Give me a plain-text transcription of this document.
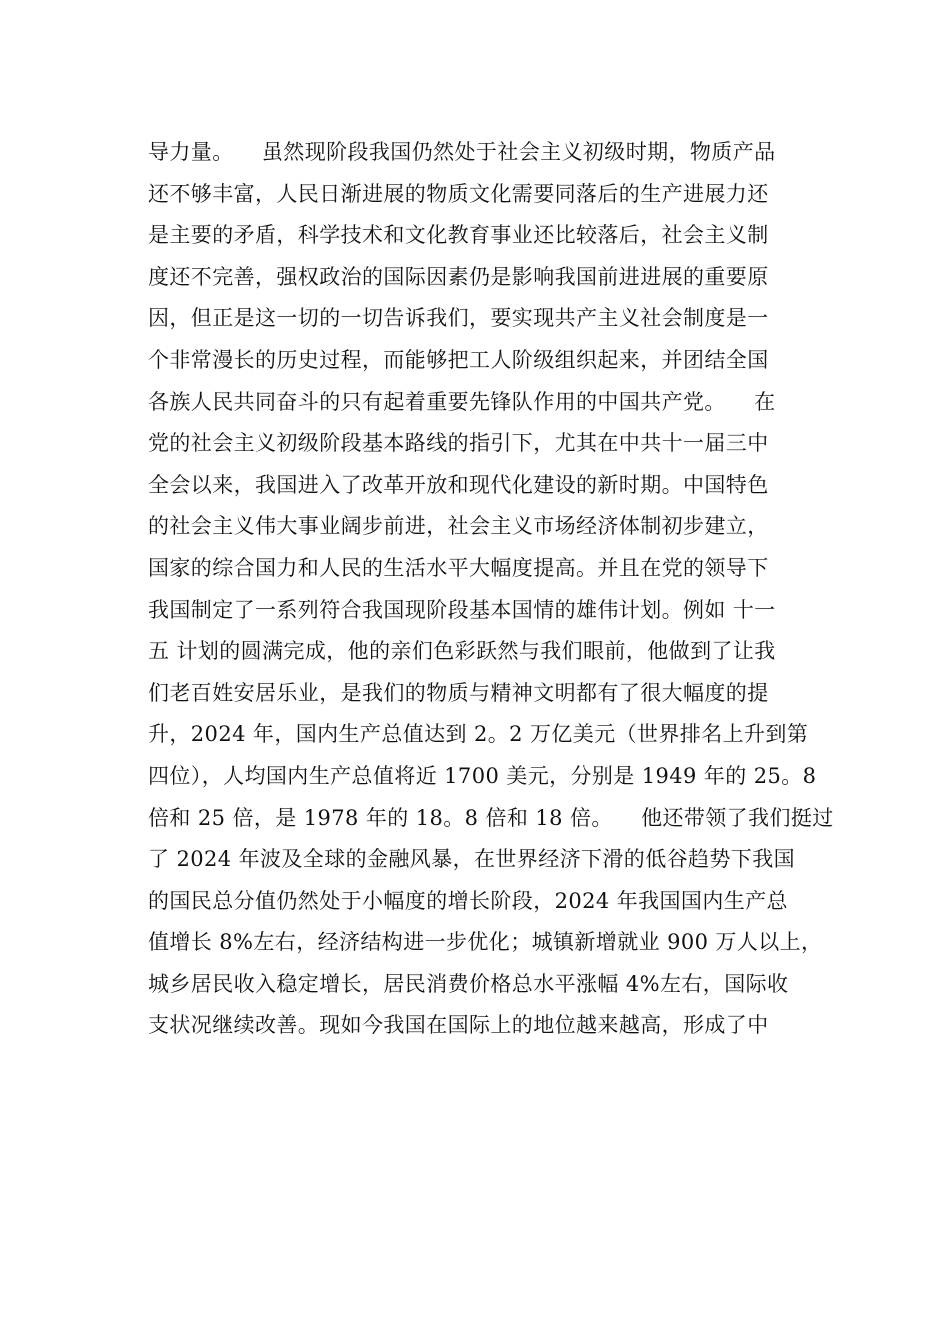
导力量。    虽然现阶段我国仍然处于社会主义初级时期，物质产品
还不够丰富，人民日渐进展的物质文化需要同落后的生产进展力还
是主要的矛盾，科学技术和文化教育事业还比较落后，社会主义制
度还不完善，强权政治的国际因素仍是影响我国前进进展的重要原
因，但正是这一切的一切告诉我们，要实现共产主义社会制度是一
个非常漫长的历史过程，而能够把工人阶级组织起来，并团结全国
各族人民共同奋斗的只有起着重要先锋队作用的中国共产党。    在
党的社会主义初级阶段基本路线的指引下，尤其在中共十一届三中
全会以来，我国进入了改革开放和现代化建设的新时期。中国特色
的社会主义伟大事业阔步前进，社会主义市场经济体制初步建立，
国家的综合国力和人民的生活水平大幅度提高。并且在党的领导下
我国制定了一系列符合我国现阶段基本国情的雄伟计划。例如 十一
五 计划的圆满完成，他的亲们色彩跃然与我们眼前，他做到了让我
们老百姓安居乐业，是我们的物质与精神文明都有了很大幅度的提
升，2024 年，国内生产总值达到 2。2 万亿美元（世界排名上升到第
四位），人均国内生产总值将近 1700 美元，分别是 1949 年的 25。8
倍和 25 倍，是 1978 年的 18。8 倍和 18 倍。    他还带领了我们挺过
了 2024 年波及全球的金融风暴，在世界经济下滑的低谷趋势下我国
的国民总分值仍然处于小幅度的增长阶段，2024 年我国国内生产总
值增长 8%左右，经济结构进一步优化；城镇新增就业 900 万人以上，
城乡居民收入稳定增长，居民消费价格总水平涨幅 4%左右，国际收
支状况继续改善。现如今我国在国际上的地位越来越高，形成了中
